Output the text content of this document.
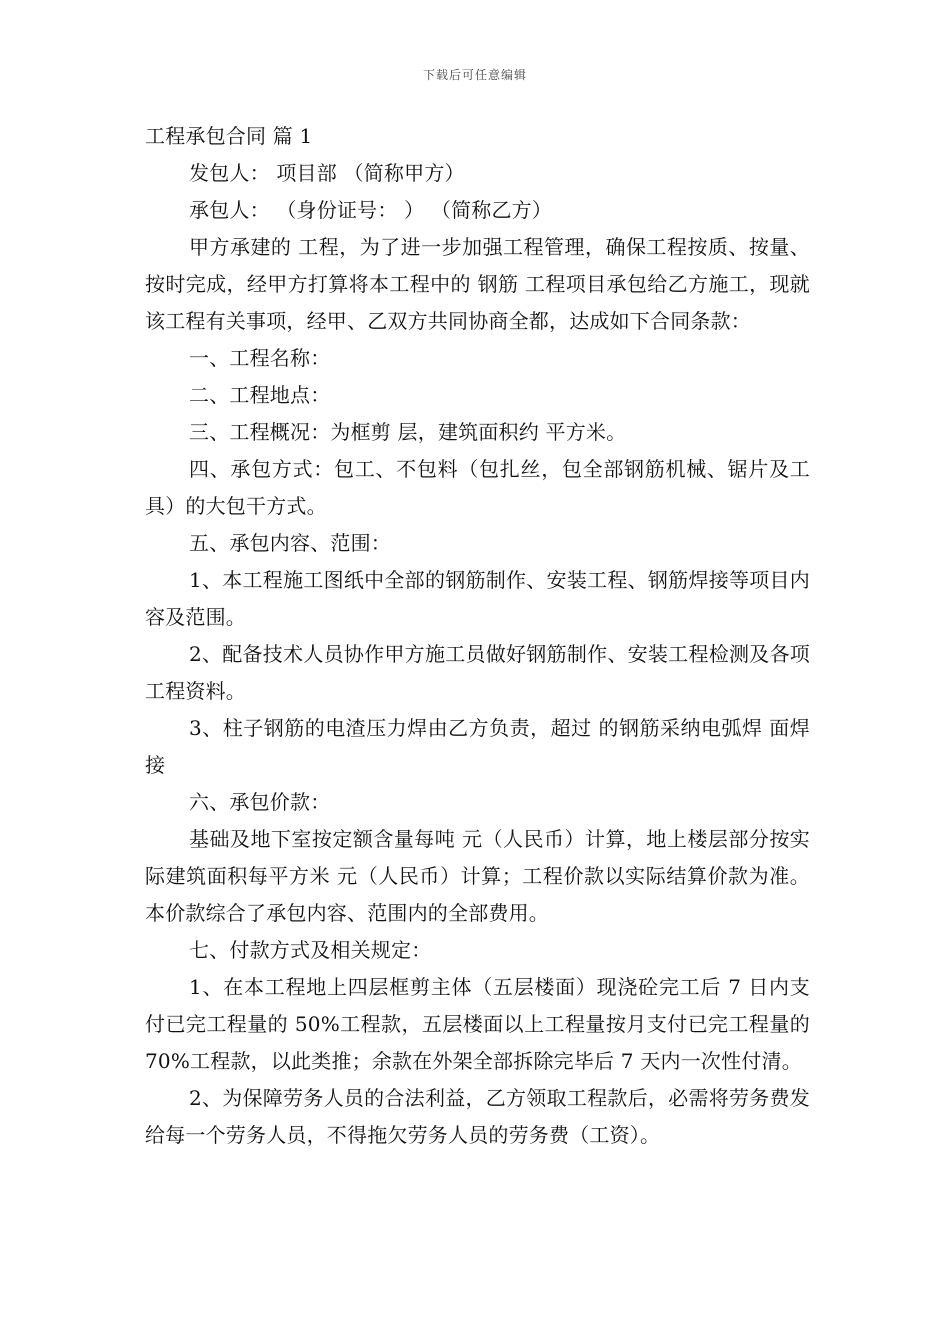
下载后可任意编辑

工程承包合同 篇 1

发包人： 项目部 （简称甲方）

承包人： （身份证号： ） （简称乙方）

甲方承建的 工程，为了进一步加强工程管理，确保工程按质、按量、按时完成，经甲方打算将本工程中的 钢筋 工程项目承包给乙方施工，现就该工程有关事项，经甲、乙双方共同协商全都，达成如下合同条款：

一、工程名称：

二、工程地点：

三、工程概况：为框剪 层，建筑面积约 平方米。

四、承包方式：包工、不包料（包扎丝，包全部钢筋机械、锯片及工具）的大包干方式。

五、承包内容、范围：

1、本工程施工图纸中全部的钢筋制作、安装工程、钢筋焊接等项目内容及范围。

2、配备技术人员协作甲方施工员做好钢筋制作、安装工程检测及各项工程资料。

3、柱子钢筋的电渣压力焊由乙方负责，超过 的钢筋采纳电弧焊 面焊接

六、承包价款：

基础及地下室按定额含量每吨 元（人民币）计算，地上楼层部分按实际建筑面积每平方米 元（人民币）计算；工程价款以实际结算价款为准。本价款综合了承包内容、范围内的全部费用。

七、付款方式及相关规定：

1、在本工程地上四层框剪主体（五层楼面）现浇砼完工后 7 日内支付已完工程量的 50%工程款，五层楼面以上工程量按月支付已完工程量的 70%工程款，以此类推；余款在外架全部拆除完毕后 7 天内一次性付清。

2、为保障劳务人员的合法利益，乙方领取工程款后，必需将劳务费发给每一个劳务人员，不得拖欠劳务人员的劳务费（工资）。
